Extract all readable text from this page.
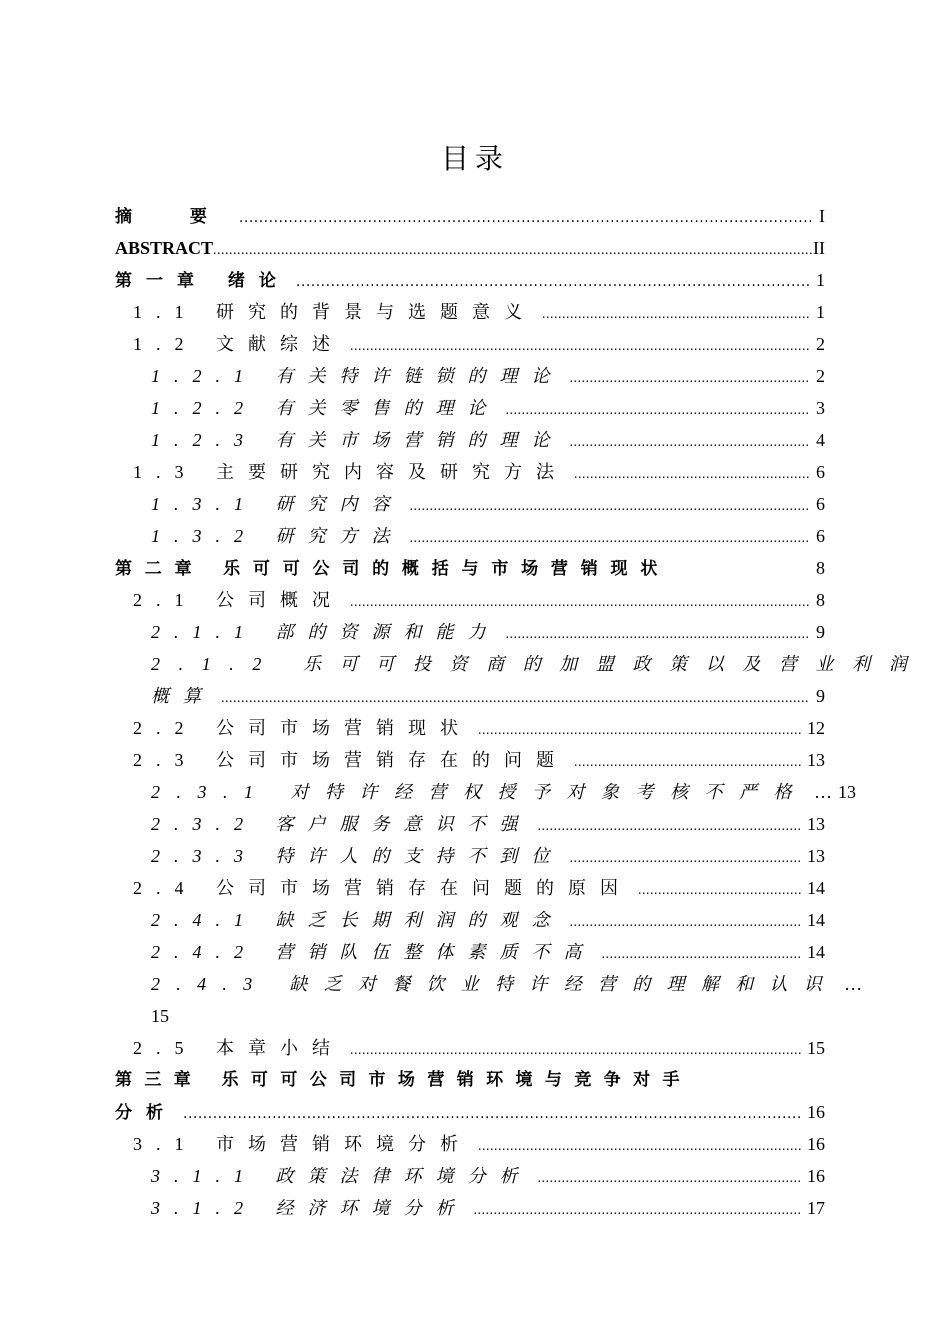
目录
摘 要 .....	I
ABSTRACT .....	II
第一章 绪论 .....	1
1.1 研究的背景与选题意义 .....	1
1.2 文献综述 .....	2
1.2.1 有关特许链锁的理论 .....	2
1.2.2 有关零售的理论 .....	3
1.2.3 有关市场营销的理论 .....	4
1.3 主要研究内容及研究方法 .....	6
1.3.1 研究内容 .....	6
1.3.2 研究方法 .....	6
第二章 乐可可公司的概括与市场营销现状	8
2.1 公司概况 .....	8
2.1.1 部的资源和能力 .....	9
2.1.2 乐可可投资商的加盟政策以及营业利润
概算 .....	9
2.2 公司市场营销现状 .....	12
2.3 公司市场营销存在的问题 .....	13
2.3.1 对特许经营权授予对象考核不严格 … 13
2.3.2 客户服务意识不强 .....	13
2.3.3 特许人的支持不到位 .....	13
2.4 公司市场营销存在问题的原因 .....	14
2.4.1 缺乏长期利润的观念 .....	14
2.4.2 营销队伍整体素质不高 .....	14
2.4.3 缺乏对餐饮业特许经营的理解和认识 …
15
2.5 本章小结 .....	15
第三章 乐可可公司市场营销环境与竞争对手
分析 .....	16
3.1 市场营销环境分析 .....	16
3.1.1 政策法律环境分析 .....	16
3.1.2 经济环境分析 .....	17
